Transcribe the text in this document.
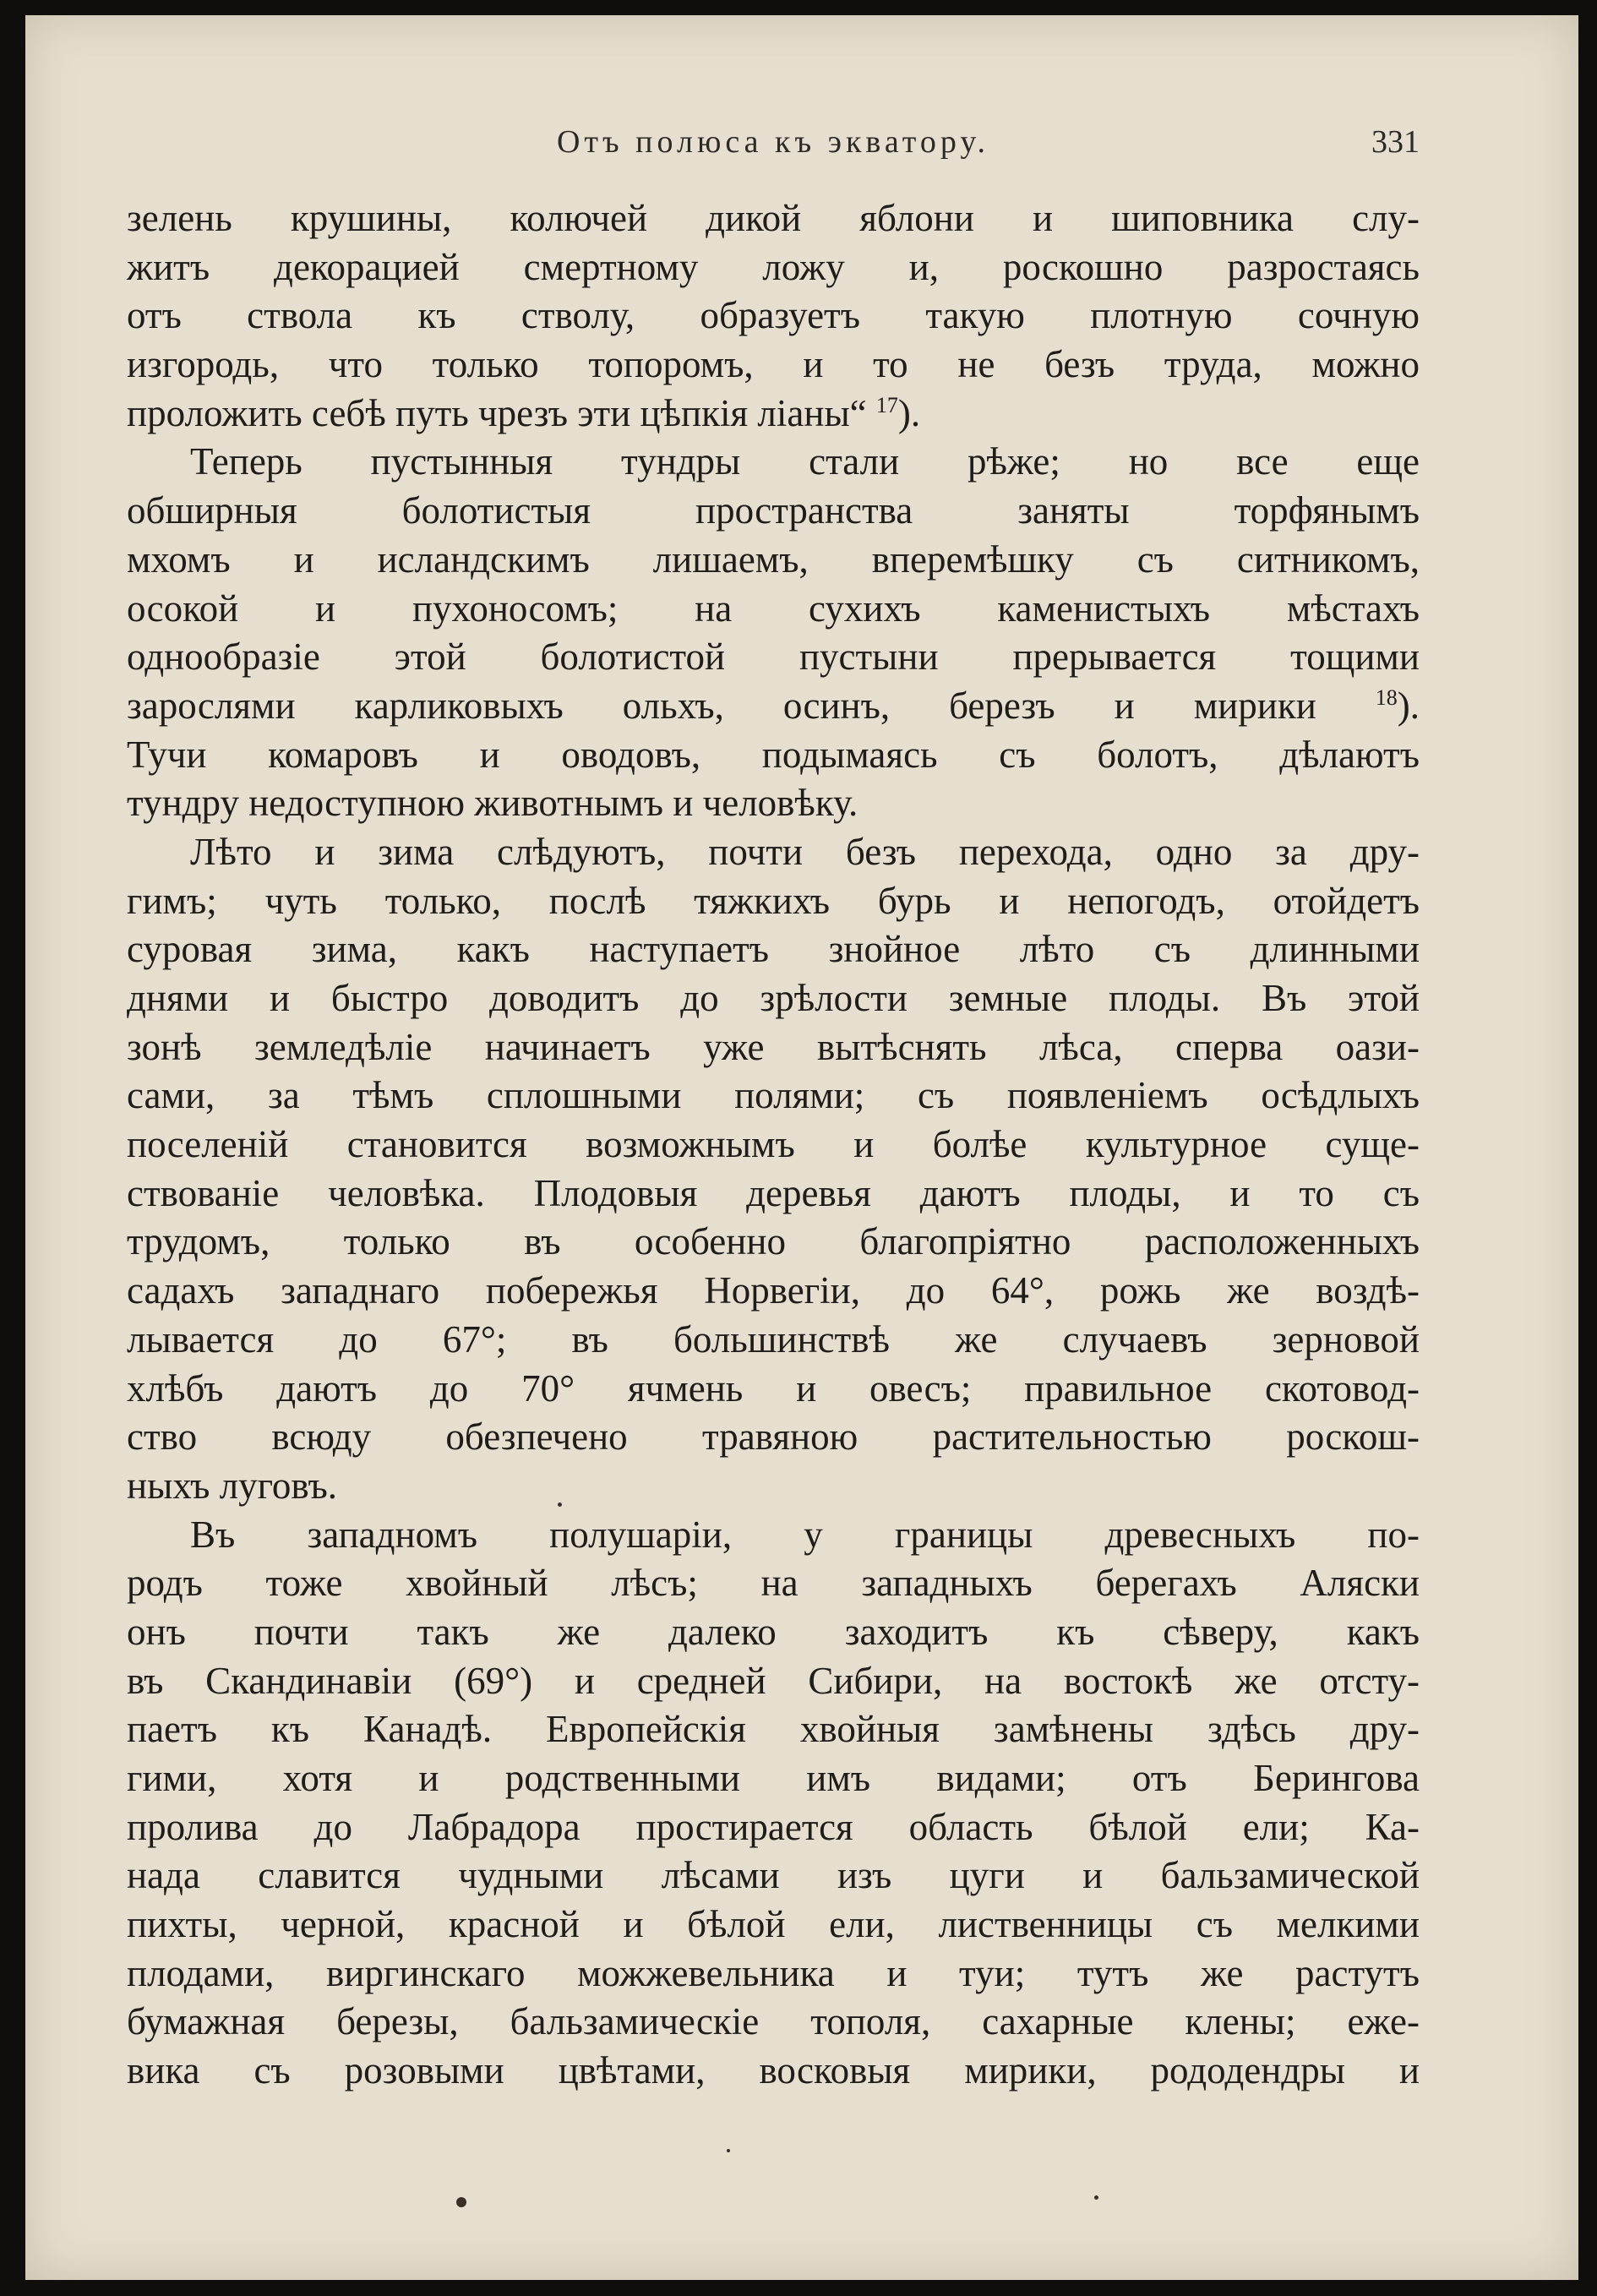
Отъ полюса къ экватору.	331
зелень крушины, колючей дикой яблони и шиповника слу-
житъ декорацией смертному ложу и, роскошно разростаясь
отъ ствола къ стволу, образуетъ такую плотную сочную
изгородь, что только топоромъ, и то не безъ труда, можно
проложить себѣ путь чрезъ эти цѣпкія ліаны“ $^{17}$).
Теперь пустынныя тундры стали рѣже; но все еще
обширныя болотистыя пространства заняты торфянымъ
мхомъ и исландскимъ лишаемъ, вперемѣшку съ ситникомъ,
осокой и пухоносомъ; на сухихъ каменистыхъ мѣстахъ
однообразіе этой болотистой пустыни прерывается тощими
зарослями карликовыхъ ольхъ, осинъ, березъ и мирики	$^{18}$).
Тучи комаровъ и оводовъ, подымаясь съ болотъ, дѣлаютъ
тундру недоступною животнымъ и человѣку.
Лѣто и зима слѣдуютъ, почти безъ перехода, одно за дру-
гимъ; чуть только, послѣ тяжкихъ бурь и непогодъ, отойдетъ
суровая зима, какъ наступаетъ знойное лѣто съ длинными
днями и быстро доводитъ до зрѣлости земные плоды. Въ этой
зонѣ земледѣліе начинаетъ уже вытѣснять лѣса, сперва оази-
сами, за тѣмъ сплошными полями; съ появленіемъ осѣдлыхъ
поселеній становится возможнымъ и болѣе культурное суще-
ствованіе человѣка. Плодовыя деревья даютъ плоды, и то съ
трудомъ, только въ особенно благопріятно расположенныхъ
садахъ западнаго побережья Норвегіи, до 64°, рожь же воздѣ-
лывается до 67°; въ большинствѣ же случаевъ зерновой
хлѣбъ даютъ до 70° ячмень и овесъ; правильное скотовод-
ство всюду обезпечено травяною растительностью роскош-
ныхъ луговъ.
Въ западномъ полушаріи, у границы древесныхъ по-
родъ тоже хвойный лѣсъ; на западныхъ берегахъ Аляски
онъ почти такъ же далеко заходитъ къ сѣверу, какъ
въ Скандинавіи (69°) и средней Сибири, на востокѣ же отсту-
паетъ къ Канадѣ. Европейскія хвойныя замѣнены здѣсь дру-
гими, хотя и родственными имъ видами; отъ Берингова
пролива до Лабрадора простирается область бѣлой ели; Ка-
нада славится чудными лѣсами изъ цуги и бальзамической
пихты, черной, красной и бѣлой ели, лиственницы съ мелкими
плодами, виргинскаго можжевельника и туи; тутъ же растутъ
бумажная березы, бальзамическіе тополя, сахарные клены; еже-
вика съ розовыми цвѣтами, восковыя мирики, рододендры и
